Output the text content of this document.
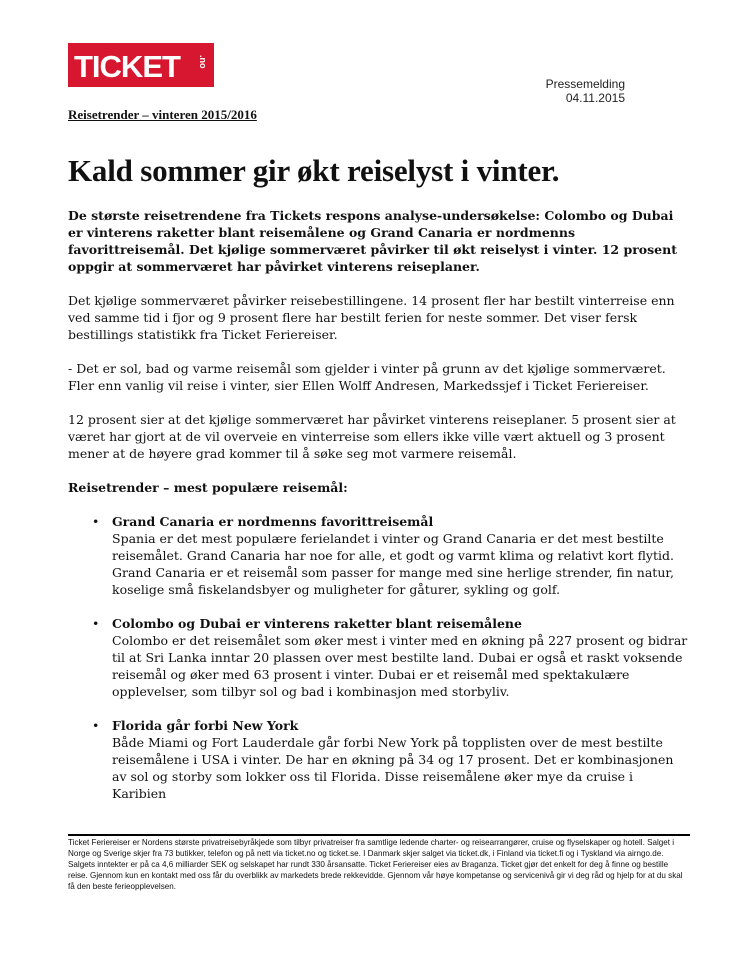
TICKET .no
Pressemelding
04.11.2015
Reisetrender – vinteren 2015/2016
Kald sommer gir økt reiselyst i vinter.

De største reisetrendene fra Tickets respons analyse-undersøkelse: Colombo og Dubai er vinterens raketter blant reisemålene og Grand Canaria er nordmenns favorittreisemål. Det kjølige sommerværet påvirker til økt reiselyst i vinter. 12 prosent oppgir at sommerværet har påvirket vinterens reiseplaner.

Det kjølige sommerværet påvirker reisebestillingene. 14 prosent fler har bestilt vinterreise enn ved samme tid i fjor og 9 prosent flere har bestilt ferien for neste sommer. Det viser fersk bestillings statistikk fra Ticket Feriereiser.

- Det er sol, bad og varme reisemål som gjelder i vinter på grunn av det kjølige sommerværet. Fler enn vanlig vil reise i vinter, sier Ellen Wolff Andresen, Markedssjef i Ticket Feriereiser.

12 prosent sier at det kjølige sommerværet har påvirket vinterens reiseplaner. 5 prosent sier at været har gjort at de vil overveie en vinterreise som ellers ikke ville vært aktuell og 3 prosent mener at de høyere grad kommer til å søke seg mot varmere reisemål.

Reisetrender – mest populære reisemål:

• Grand Canaria er nordmenns favorittreisemål
Spania er det mest populære ferielandet i vinter og Grand Canaria er det mest bestilte reisemålet. Grand Canaria har noe for alle, et godt og varmt klima og relativt kort flytid. Grand Canaria er et reisemål som passer for mange med sine herlige strender, fin natur, koselige små fiskelandsbyer og muligheter for gåturer, sykling og golf.
• Colombo og Dubai er vinterens raketter blant reisemålene
Colombo er det reisemålet som øker mest i vinter med en økning på 227 prosent og bidrar til at Sri Lanka inntar 20 plassen over mest bestilte land. Dubai er også et raskt voksende reisemål og øker med 63 prosent i vinter. Dubai er et reisemål med spektakulære opplevelser, som tilbyr sol og bad i kombinasjon med storbyliv.
• Florida går forbi New York
Både Miami og Fort Lauderdale går forbi New York på topplisten over de mest bestilte reisemålene i USA i vinter. De har en økning på 34 og 17 prosent. Det er kombinasjonen av sol og storby som lokker oss til Florida. Disse reisemålene øker mye da cruise i Karibien
Ticket Feriereiser er Nordens største privatreisebyråkjede som tilbyr privatreiser fra samtlige ledende charter- og reisearrangører, cruise og flyselskaper og hotell. Salget i Norge og Sverige skjer fra 73 butikker, telefon og på nett via ticket.no og ticket.se. I Danmark skjer salget via ticket.dk, i Finland via ticket.fi og i Tyskland via airngo.de. Salgets inntekter er på ca 4,6 milliarder SEK og selskapet har rundt 330 årsansatte. Ticket Feriereiser eies av Braganza. Ticket gjør det enkelt for deg å finne og bestille reise. Gjennom kun en kontakt med oss får du overblikk av markedets brede rekkevidde. Gjennom vår høye kompetanse og servicenivå gir vi deg råd og hjelp for at du skal få den beste ferieopplevelsen.
